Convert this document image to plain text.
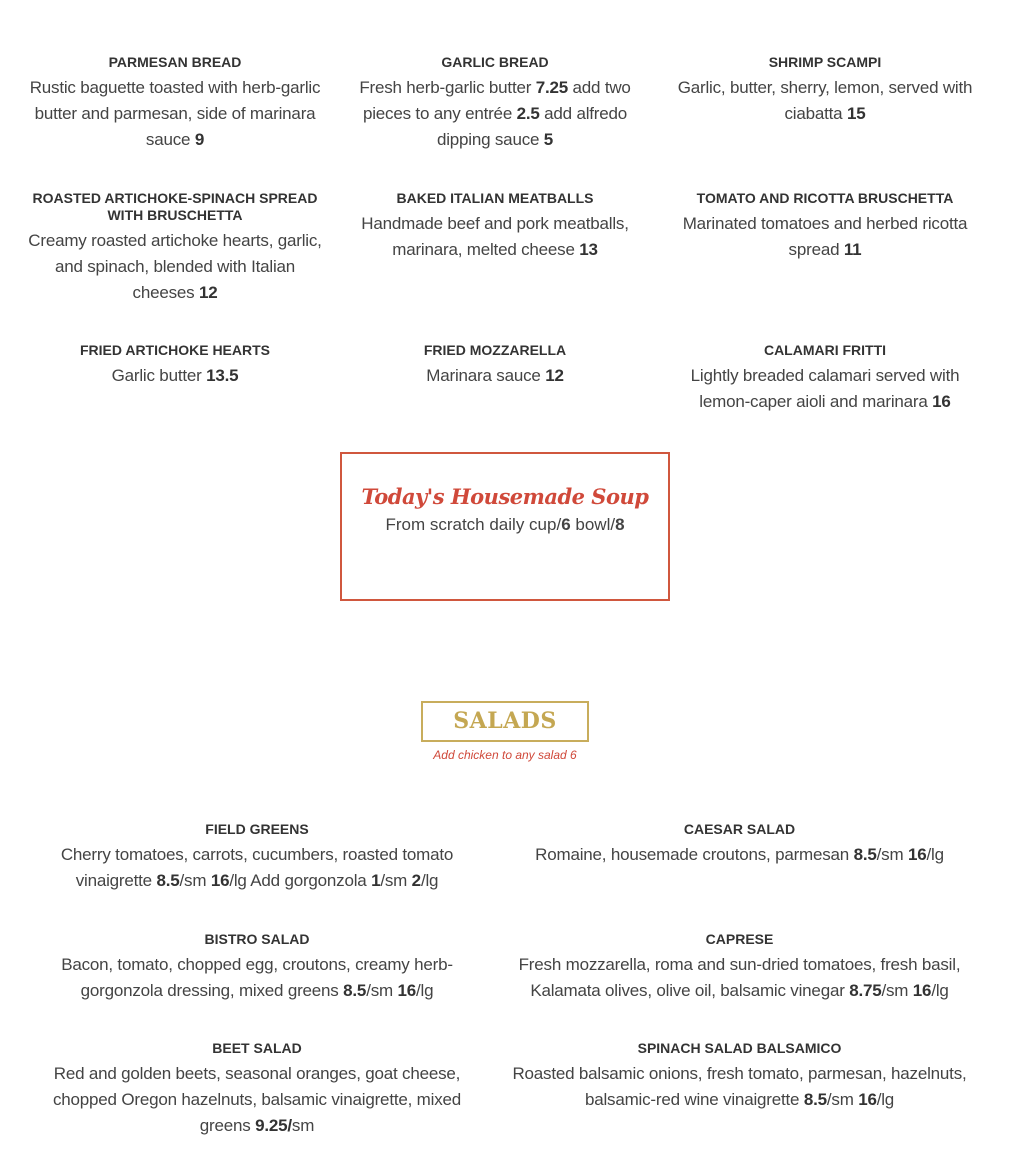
PARMESAN BREAD
Rustic baguette toasted with herb-garlic butter and parmesan, side of marinara sauce 9
GARLIC BREAD
Fresh herb-garlic butter 7.25 add two pieces to any entrée 2.5 add alfredo dipping sauce 5
SHRIMP SCAMPI
Garlic, butter, sherry, lemon, served with ciabatta 15
ROASTED ARTICHOKE-SPINACH SPREAD WITH BRUSCHETTA
Creamy roasted artichoke hearts, garlic, and spinach, blended with Italian cheeses 12
BAKED ITALIAN MEATBALLS
Handmade beef and pork meatballs, marinara, melted cheese 13
TOMATO AND RICOTTA BRUSCHETTA
Marinated tomatoes and herbed ricotta spread 11
FRIED ARTICHOKE HEARTS
Garlic butter 13.5
FRIED MOZZARELLA
Marinara sauce 12
CALAMARI FRITTI
Lightly breaded calamari served with lemon-caper aioli and marinara 16
Today's Housemade Soup
From scratch daily cup/6 bowl/8
SALADS
Add chicken to any salad 6
FIELD GREENS
Cherry tomatoes, carrots, cucumbers, roasted tomato vinaigrette 8.5/sm 16/lg Add gorgonzola 1/sm 2/lg
CAESAR SALAD
Romaine, housemade croutons, parmesan 8.5/sm 16/lg
BISTRO SALAD
Bacon, tomato, chopped egg, croutons, creamy herb-gorgonzola dressing, mixed greens 8.5/sm 16/lg
CAPRESE
Fresh mozzarella, roma and sun-dried tomatoes, fresh basil, Kalamata olives, olive oil, balsamic vinegar 8.75/sm 16/lg
BEET SALAD
Red and golden beets, seasonal oranges, goat cheese, chopped Oregon hazelnuts, balsamic vinaigrette, mixed greens 9.25/sm
SPINACH SALAD BALSAMICO
Roasted balsamic onions, fresh tomato, parmesan, hazelnuts, balsamic-red wine vinaigrette 8.5/sm 16/lg
